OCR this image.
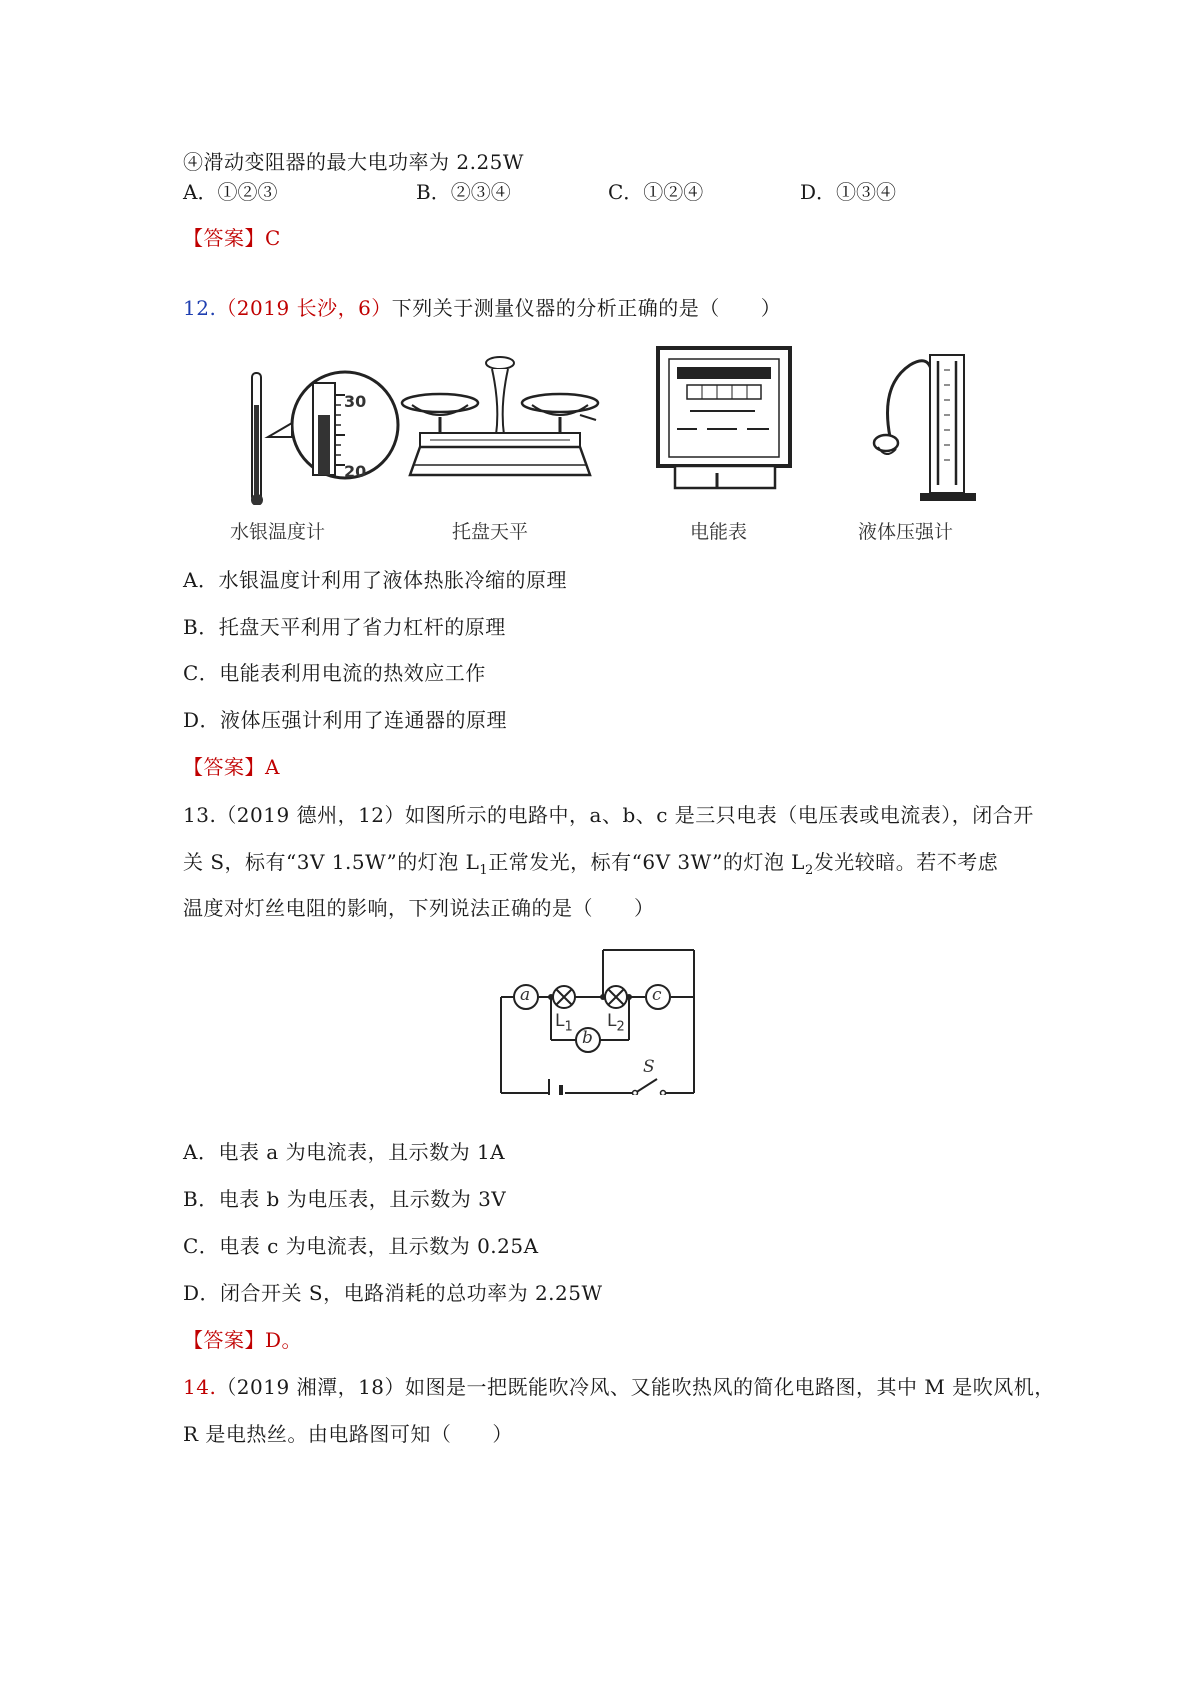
④滑动变阻器的最大电功率为 2.25W
A．①②③	B．②③④	C．①②④	D．①③④
【答案】C
12.（2019 长沙，6）下列关于测量仪器的分析正确的是（　　）
30
20
水银温度计	托盘天平	电能表	液体压强计
A．水银温度计利用了液体热胀冷缩的原理
B．托盘天平利用了省力杠杆的原理
C．电能表利用电流的热效应工作
D．液体压强计利用了连通器的原理
【答案】A
13.（2019 德州，12）如图所示的电路中，a、b、c 是三只电表（电压表或电流表），闭合开
关 S，标有“3V 1.5W”的灯泡 $L_1$正常发光，标有“6V 3W”的灯泡 $L_2$发光较暗。若不考虑
温度对灯丝电阻的影响，下列说法正确的是（　　）
a	c
b
$L_1$ $L_2$
S
A．电表 a 为电流表，且示数为 1A
B．电表 b 为电压表，且示数为 3V
C．电表 c 为电流表，且示数为 0.25A
D．闭合开关 S，电路消耗的总功率为 2.25W
【答案】D。
14.（2019 湘潭，18）如图是一把既能吹冷风、又能吹热风的简化电路图，其中 M 是吹风机，
R 是电热丝。由电路图可知（　　）
